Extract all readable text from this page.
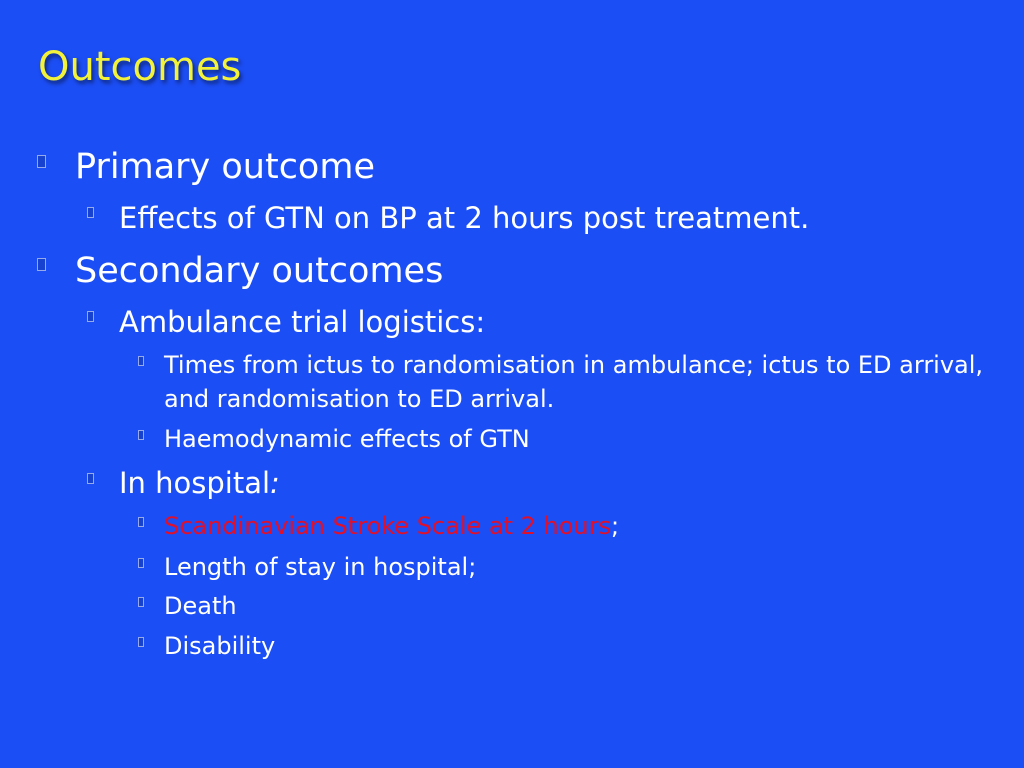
Outcomes
Primary outcome
Effects of GTN on BP at 2 hours post treatment.
Secondary outcomes
Ambulance trial logistics:
Times from ictus to randomisation in ambulance; ictus to ED arrival, and randomisation to ED arrival.
Haemodynamic effects of GTN
In hospital:
Scandinavian Stroke Scale at 2 hours;
Length of stay in hospital;
Death
Disability
